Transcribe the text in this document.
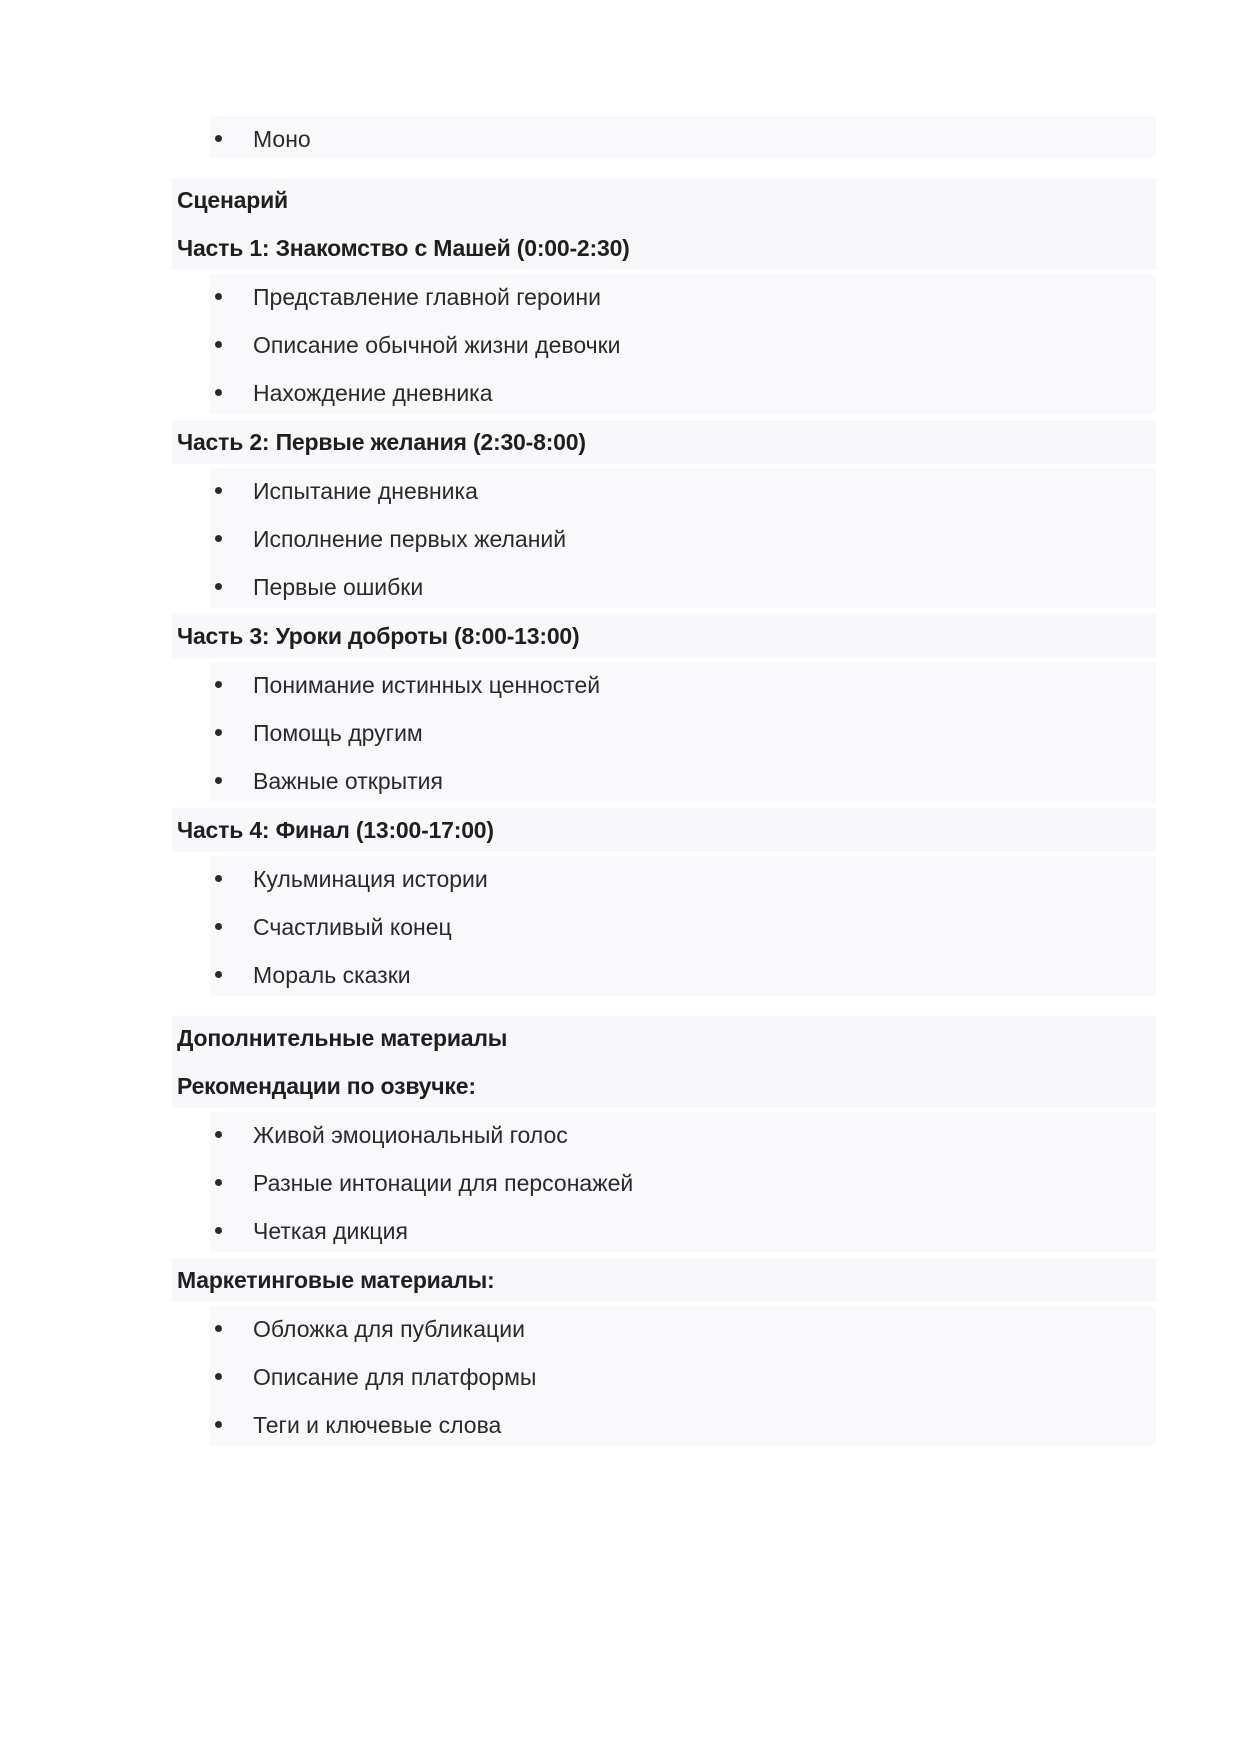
Моно
Сценарий
Часть 1: Знакомство с Машей (0:00-2:30)
Представление главной героини
Описание обычной жизни девочки
Нахождение дневника
Часть 2: Первые желания (2:30-8:00)
Испытание дневника
Исполнение первых желаний
Первые ошибки
Часть 3: Уроки доброты (8:00-13:00)
Понимание истинных ценностей
Помощь другим
Важные открытия
Часть 4: Финал (13:00-17:00)
Кульминация истории
Счастливый конец
Мораль сказки
Дополнительные материалы
Рекомендации по озвучке:
Живой эмоциональный голос
Разные интонации для персонажей
Четкая дикция
Маркетинговые материалы:
Обложка для публикации
Описание для платформы
Теги и ключевые слова
